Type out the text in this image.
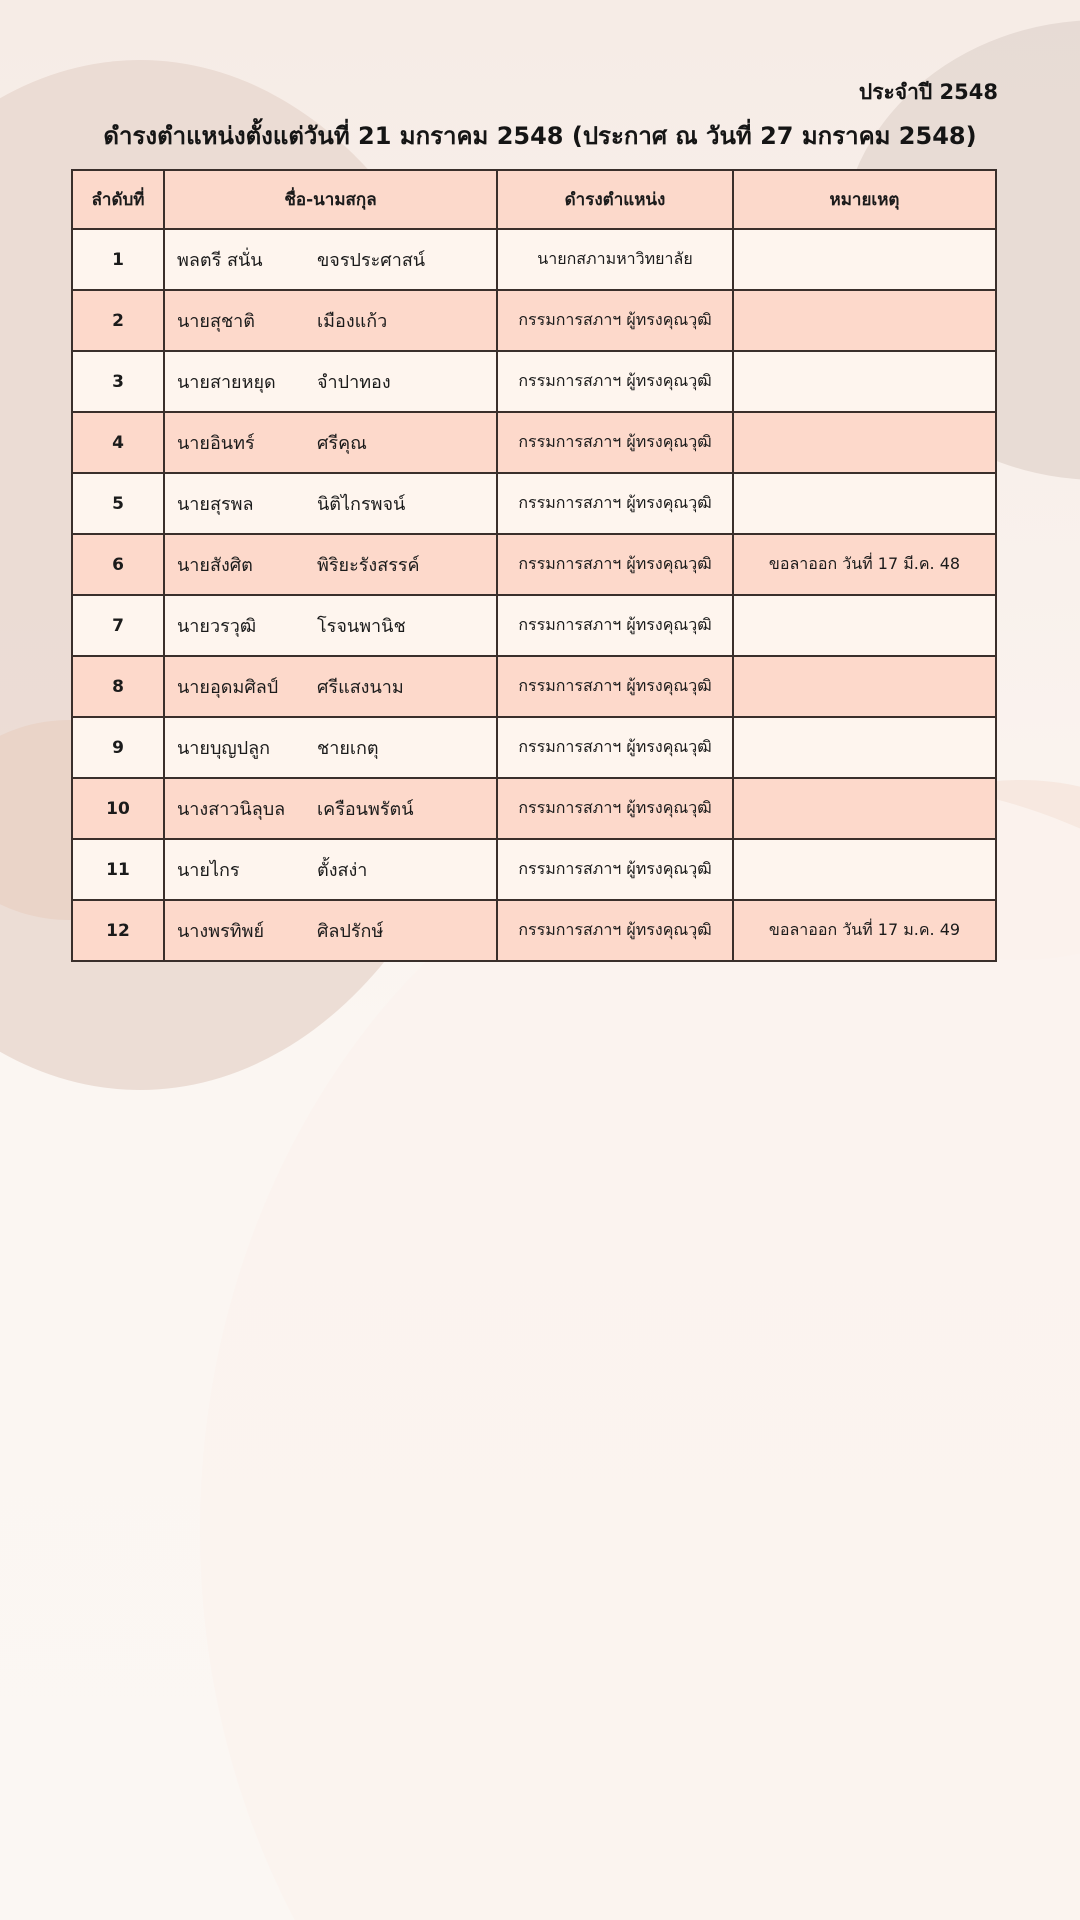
ประจำปี 2548
ดำรงตำแหน่งตั้งแต่วันที่ 21 มกราคม 2548 (ประกาศ ณ วันที่ 27 มกราคม 2548)
ลำดับที่	ชื่อ-นามสกุล	ดำรงตำแหน่ง	หมายเหตุ
1	พลตรี สนั่น ขจรประศาสน์	นายกสภามหาวิทยาลัย	
2	นายสุชาติ เมืองแก้ว	กรรมการสภาฯ ผู้ทรงคุณวุฒิ	
3	นายสายหยุด จำปาทอง	กรรมการสภาฯ ผู้ทรงคุณวุฒิ	
4	นายอินทร์ ศรีคุณ	กรรมการสภาฯ ผู้ทรงคุณวุฒิ	
5	นายสุรพล นิติไกรพจน์	กรรมการสภาฯ ผู้ทรงคุณวุฒิ	
6	นายสังศิต พิริยะรังสรรค์	กรรมการสภาฯ ผู้ทรงคุณวุฒิ	ขอลาออก วันที่ 17 มี.ค. 48
7	นายวรวุฒิ โรจนพานิช	กรรมการสภาฯ ผู้ทรงคุณวุฒิ	
8	นายอุดมศิลป์ ศรีแสงนาม	กรรมการสภาฯ ผู้ทรงคุณวุฒิ	
9	นายบุญปลูก ชายเกตุ	กรรมการสภาฯ ผู้ทรงคุณวุฒิ	
10	นางสาวนิลุบล เครือนพรัตน์	กรรมการสภาฯ ผู้ทรงคุณวุฒิ	
11	นายไกร ตั้งสง่า	กรรมการสภาฯ ผู้ทรงคุณวุฒิ	
12	นางพรทิพย์ ศิลปรักษ์	กรรมการสภาฯ ผู้ทรงคุณวุฒิ	ขอลาออก วันที่ 17 ม.ค. 49
